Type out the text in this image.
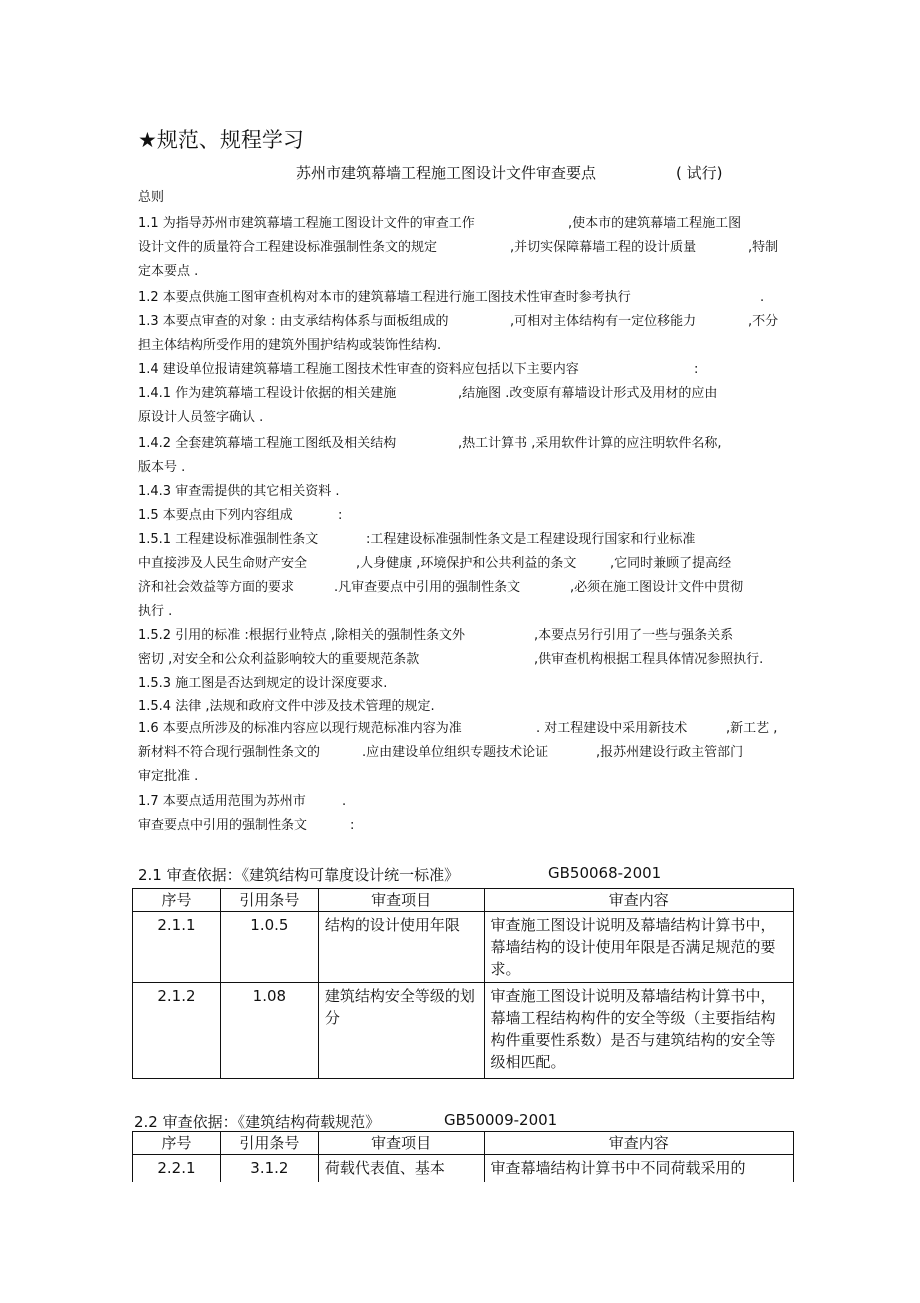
★规范、规程学习
苏州市建筑幕墙工程施工图设计文件审查要点	( 试行)
总则
1.1 为指导苏州市建筑幕墙工程施工图设计文件的审查工作	,使本市的建筑幕墙工程施工图
设计文件的质量符合工程建设标准强制性条文的规定	,并切实保障幕墙工程的设计质量	,特制
定本要点 .
1.2 本要点供施工图审查机构对本市的建筑幕墙工程进行施工图技术性审查时参考执行	.
1.3 本要点审查的对象 : 由支承结构体系与面板组成的	,可相对主体结构有一定位移能力	,不分
担主体结构所受作用的建筑外围护结构或装饰性结构.
1.4 建设单位报请建筑幕墙工程施工图技术性审查的资料应包括以下主要内容	:
1.4.1 作为建筑幕墙工程设计依据的相关建施	,结施图 .改变原有幕墙设计形式及用材的应由
原设计人员签字确认 .
1.4.2 全套建筑幕墙工程施工图纸及相关结构	,热工计算书 ,采用软件计算的应注明软件名称,
版本号 .
1.4.3 审查需提供的其它相关资料 .
1.5 本要点由下列内容组成	:
1.5.1 工程建设标准强制性条文	:工程建设标准强制性条文是工程建设现行国家和行业标准
中直接涉及人民生命财产安全	,人身健康 ,环境保护和公共利益的条文	,它同时兼顾了提高经
济和社会效益等方面的要求	.凡审查要点中引用的强制性条文	,必须在施工图设计文件中贯彻
执行 .
1.5.2 引用的标准 :根据行业特点 ,除相关的强制性条文外	,本要点另行引用了一些与强条关系
密切 ,对安全和公众利益影响较大的重要规范条款	,供审查机构根据工程具体情况参照执行.
1.5.3 施工图是否达到规定的设计深度要求.
1.5.4 法律 ,法规和政府文件中涉及技术管理的规定.
1.6 本要点所涉及的标准内容应以现行规范标准内容为准	. 对工程建设中采用新技术	,新工艺 ,
新材料不符合现行强制性条文的	.应由建设单位组织专题技术论证	,报苏州建设行政主管部门
审定批准 .
1.7 本要点适用范围为苏州市	.
审查要点中引用的强制性条文	:
2.1 审查依据：《建筑结构可靠度设计统一标准》	GB50068-2001
序号	引用条号	审查项目	审查内容
2.1.1	1.0.5	结构的设计使用年限	审查施工图设计说明及幕墙结构计算书中，幕墙结构的设计使用年限是否满足规范的要求。
2.1.2	1.08	建筑结构安全等级的划分	审查施工图设计说明及幕墙结构计算书中，幕墙工程结构构件的安全等级（主要指结构构件重要性系数）是否与建筑结构的安全等级相匹配。
2.2 审查依据：《建筑结构荷载规范》	GB50009-2001
序号	引用条号	审查项目	审查内容
2.2.1	3.1.2	荷载代表值、基本	审查幕墙结构计算书中不同荷载采用的
